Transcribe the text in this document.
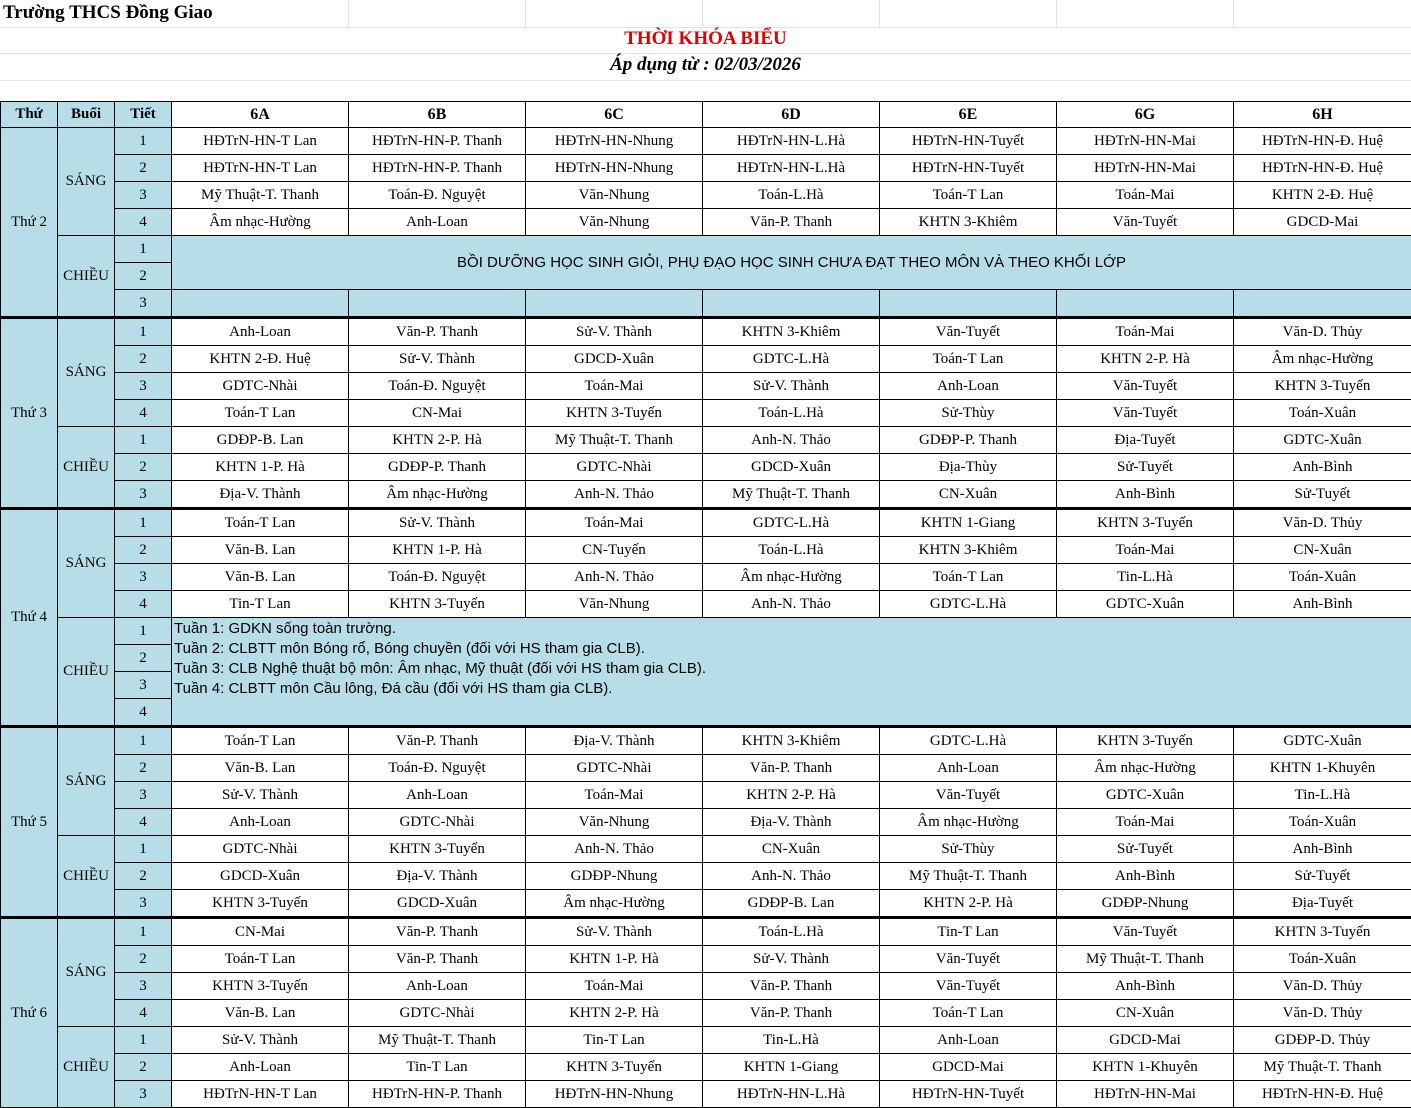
Trường THCS Đồng Giao
THỜI KHÓA BIỂU
Áp dụng từ : 02/03/2026
Thứ	Buổi	Tiết	6A	6B	6C	6D	6E	6G	6H
Thứ 2	SÁNG	1	HĐTrN-HN-T Lan	HĐTrN-HN-P. Thanh	HĐTrN-HN-Nhung	HĐTrN-HN-L.Hà	HĐTrN-HN-Tuyết	HĐTrN-HN-Mai	HĐTrN-HN-Đ. Huệ
		2	HĐTrN-HN-T Lan	HĐTrN-HN-P. Thanh	HĐTrN-HN-Nhung	HĐTrN-HN-L.Hà	HĐTrN-HN-Tuyết	HĐTrN-HN-Mai	HĐTrN-HN-Đ. Huệ
		3	Mỹ Thuật-T. Thanh	Toán-Đ. Nguyệt	Văn-Nhung	Toán-L.Hà	Toán-T Lan	Toán-Mai	KHTN 2-Đ. Huệ
		4	Âm nhạc-Hường	Anh-Loan	Văn-Nhung	Văn-P. Thanh	KHTN 3-Khiêm	Văn-Tuyết	GDCD-Mai
	CHIỀU	1	BỒI DƯỠNG HỌC SINH GIỎI, PHỤ ĐẠO HỌC SINH CHƯA ĐẠT THEO MÔN VÀ THEO KHỐI LỚP						
		2							
		3							
Thứ 3	SÁNG	1	Anh-Loan	Văn-P. Thanh	Sử-V. Thành	KHTN 3-Khiêm	Văn-Tuyết	Toán-Mai	Văn-D. Thủy
		2	KHTN 2-Đ. Huệ	Sử-V. Thành	GDCD-Xuân	GDTC-L.Hà	Toán-T Lan	KHTN 2-P. Hà	Âm nhạc-Hường
		3	GDTC-Nhài	Toán-Đ. Nguyệt	Toán-Mai	Sử-V. Thành	Anh-Loan	Văn-Tuyết	KHTN 3-Tuyến
		4	Toán-T Lan	CN-Mai	KHTN 3-Tuyến	Toán-L.Hà	Sử-Thùy	Văn-Tuyết	Toán-Xuân
	CHIỀU	1	GDĐP-B. Lan	KHTN 2-P. Hà	Mỹ Thuật-T. Thanh	Anh-N. Thảo	GDĐP-P. Thanh	Địa-Tuyết	GDTC-Xuân
		2	KHTN 1-P. Hà	GDĐP-P. Thanh	GDTC-Nhài	GDCD-Xuân	Địa-Thùy	Sử-Tuyết	Anh-Bình
		3	Địa-V. Thành	Âm nhạc-Hường	Anh-N. Thảo	Mỹ Thuật-T. Thanh	CN-Xuân	Anh-Bình	Sử-Tuyết
Thứ 4	SÁNG	1	Toán-T Lan	Sử-V. Thành	Toán-Mai	GDTC-L.Hà	KHTN 1-Giang	KHTN 3-Tuyến	Văn-D. Thủy
		2	Văn-B. Lan	KHTN 1-P. Hà	CN-Tuyến	Toán-L.Hà	KHTN 3-Khiêm	Toán-Mai	CN-Xuân
		3	Văn-B. Lan	Toán-Đ. Nguyệt	Anh-N. Thảo	Âm nhạc-Hường	Toán-T Lan	Tin-L.Hà	Toán-Xuân
		4	Tin-T Lan	KHTN 3-Tuyến	Văn-Nhung	Anh-N. Thảo	GDTC-L.Hà	GDTC-Xuân	Anh-Bình
	CHIỀU	1	Tuần 1: GDKN sống toàn trường.
Tuần 2: CLBTT môn Bóng rổ, Bóng chuyền (đối với HS tham gia CLB).
Tuần 3: CLB Nghệ thuật bộ môn: Âm nhạc, Mỹ thuật (đối với HS tham gia CLB).
Tuần 4: CLBTT môn Cầu lông, Đá cầu (đối với HS tham gia CLB).						

		2							
		3							
		4							
Thứ 5	SÁNG	1	Toán-T Lan	Văn-P. Thanh	Địa-V. Thành	KHTN 3-Khiêm	GDTC-L.Hà	KHTN 3-Tuyến	GDTC-Xuân
		2	Văn-B. Lan	Toán-Đ. Nguyệt	GDTC-Nhài	Văn-P. Thanh	Anh-Loan	Âm nhạc-Hường	KHTN 1-Khuyên
		3	Sử-V. Thành	Anh-Loan	Toán-Mai	KHTN 2-P. Hà	Văn-Tuyết	GDTC-Xuân	Tin-L.Hà
		4	Anh-Loan	GDTC-Nhài	Văn-Nhung	Địa-V. Thành	Âm nhạc-Hường	Toán-Mai	Toán-Xuân
	CHIỀU	1	GDTC-Nhài	KHTN 3-Tuyến	Anh-N. Thảo	CN-Xuân	Sử-Thùy	Sử-Tuyết	Anh-Bình
		2	GDCD-Xuân	Địa-V. Thành	GDĐP-Nhung	Anh-N. Thảo	Mỹ Thuật-T. Thanh	Anh-Bình	Sử-Tuyết
		3	KHTN 3-Tuyến	GDCD-Xuân	Âm nhạc-Hường	GDĐP-B. Lan	KHTN 2-P. Hà	GDĐP-Nhung	Địa-Tuyết
Thứ 6	SÁNG	1	CN-Mai	Văn-P. Thanh	Sử-V. Thành	Toán-L.Hà	Tin-T Lan	Văn-Tuyết	KHTN 3-Tuyến
		2	Toán-T Lan	Văn-P. Thanh	KHTN 1-P. Hà	Sử-V. Thành	Văn-Tuyết	Mỹ Thuật-T. Thanh	Toán-Xuân
		3	KHTN 3-Tuyến	Anh-Loan	Toán-Mai	Văn-P. Thanh	Văn-Tuyết	Anh-Bình	Văn-D. Thủy
		4	Văn-B. Lan	GDTC-Nhài	KHTN 2-P. Hà	Văn-P. Thanh	Toán-T Lan	CN-Xuân	Văn-D. Thủy
	CHIỀU	1	Sử-V. Thành	Mỹ Thuật-T. Thanh	Tin-T Lan	Tin-L.Hà	Anh-Loan	GDCD-Mai	GDĐP-D. Thủy
		2	Anh-Loan	Tin-T Lan	KHTN 3-Tuyến	KHTN 1-Giang	GDCD-Mai	KHTN 1-Khuyên	Mỹ Thuật-T. Thanh
		3	HĐTrN-HN-T Lan	HĐTrN-HN-P. Thanh	HĐTrN-HN-Nhung	HĐTrN-HN-L.Hà	HĐTrN-HN-Tuyết	HĐTrN-HN-Mai	HĐTrN-HN-Đ. Huệ
